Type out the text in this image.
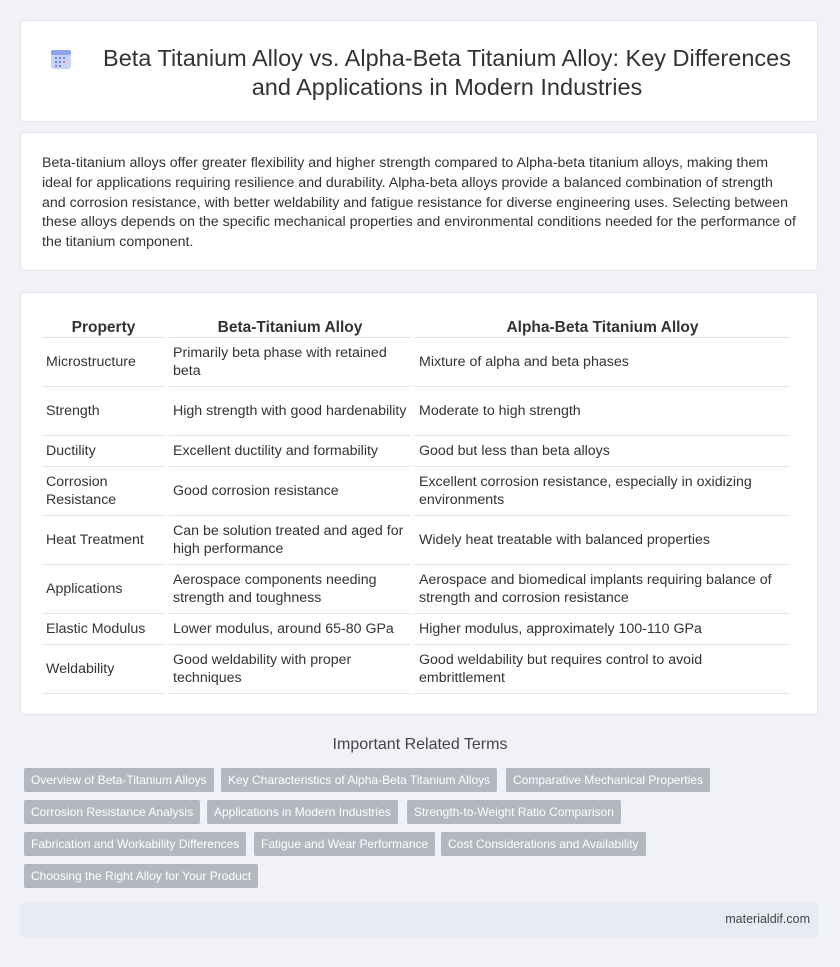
Beta Titanium Alloy vs. Alpha-Beta Titanium Alloy: Key Differences and Applications in Modern Industries

Beta-titanium alloys offer greater flexibility and higher strength compared to Alpha-beta titanium alloys, making them ideal for applications requiring resilience and durability. Alpha-beta alloys provide a balanced combination of strength and corrosion resistance, with better weldability and fatigue resistance for diverse engineering uses. Selecting between these alloys depends on the specific mechanical properties and environmental conditions needed for the performance of the titanium component.

Property	Beta-Titanium Alloy	Alpha-Beta Titanium Alloy
Microstructure	Primarily beta phase with retained beta	Mixture of alpha and beta phases
Strength	High strength with good hardenability	Moderate to high strength
Ductility	Excellent ductility and formability	Good but less than beta alloys
Corrosion Resistance	Good corrosion resistance	Excellent corrosion resistance, especially in oxidizing environments
Heat Treatment	Can be solution treated and aged for high performance	Widely heat treatable with balanced properties
Applications	Aerospace components needing strength and toughness	Aerospace and biomedical implants requiring balance of strength and corrosion resistance
Elastic Modulus	Lower modulus, around 65-80 GPa	Higher modulus, approximately 100-110 GPa
Weldability	Good weldability with proper techniques	Good weldability but requires control to avoid embrittlement
Important Related Terms
Overview of Beta-Titanium Alloys	Key Characteristics of Alpha-Beta Titanium Alloys	Comparative Mechanical Properties
Corrosion Resistance Analysis	Applications in Modern Industries	Strength-to-Weight Ratio Comparison
Fabrication and Workability Differences	Fatigue and Wear Performance	Cost Considerations and Availability
Choosing the Right Alloy for Your Product
materialdif.com
